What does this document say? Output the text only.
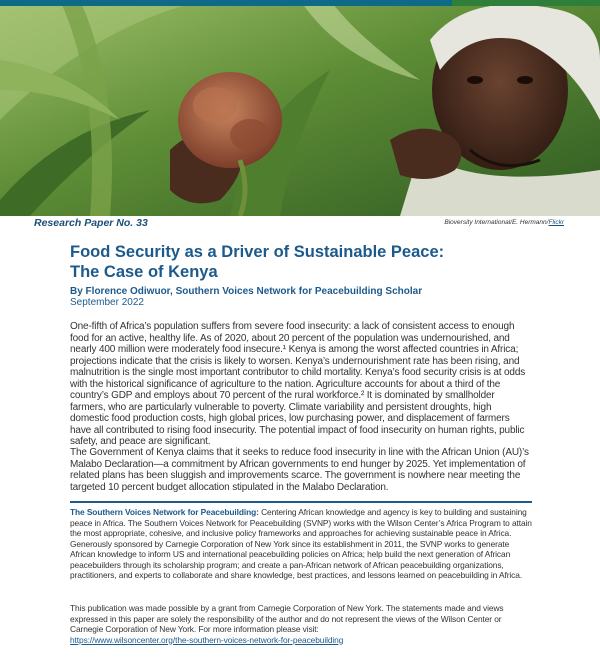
Research Paper No. 33	Bioversity International/E. Hermann/Flickr
Food Security as a Driver of Sustainable Peace:
The Case of Kenya
By Florence Odiwuor, Southern Voices Network for Peacebuilding Scholar
September 2022

One-fifth of Africa’s population suffers from severe food insecurity: a lack of consistent access to enough food for an active, healthy life. As of 2020, about 20 percent of the population was undernourished, and nearly 400 million were moderately food insecure.¹ Kenya is among the worst affected countries in Africa; projections indicate that the crisis is likely to worsen. Kenya’s undernourishment rate has been rising, and malnutrition is the single most important contributor to child mortality. Kenya’s food security crisis is at odds with the historical significance of agriculture to the nation. Agriculture accounts for about a third of the country’s GDP and employs about 70 percent of the rural workforce.² It is dominated by smallholder farmers, who are particularly vulnerable to poverty. Climate variability and persistent droughts, high domestic food production costs, high global prices, low purchasing power, and displacement of farmers have all contributed to rising food insecurity. The potential impact of food insecurity on human rights, public safety, and peace are significant.

The Government of Kenya claims that it seeks to reduce food insecurity in line with the African Union (AU)’s Malabo Declaration—a commitment by African governments to end hunger by 2025. Yet implementation of related plans has been sluggish and improvements scarce. The government is nowhere near meeting the targeted 10 percent budget allocation stipulated in the Malabo Declaration.

The Southern Voices Network for Peacebuilding: Centering African knowledge and agency is key to building and sustaining peace in Africa. The Southern Voices Network for Peacebuilding (SVNP) works with the Wilson Center’s Africa Program to attain the most appropriate, cohesive, and inclusive policy frameworks and approaches for achieving sustainable peace in Africa. Generously sponsored by Carnegie Corporation of New York since its establishment in 2011, the SVNP works to generate African knowledge to inform US and international peacebuilding policies on Africa; help build the next generation of African peacebuilders through its scholarship program; and create a pan-African network of African peacebuilding organizations, practitioners, and experts to collaborate and share knowledge, best practices, and lessons learned on peacebuilding in Africa.

This publication was made possible by a grant from Carnegie Corporation of New York. The statements made and views expressed in this paper are solely the responsibility of the author and do not represent the views of the Wilson Center or Carnegie Corporation of New York. For more information please visit:
https://www.wilsoncenter.org/the-southern-voices-network-for-peacebuilding
